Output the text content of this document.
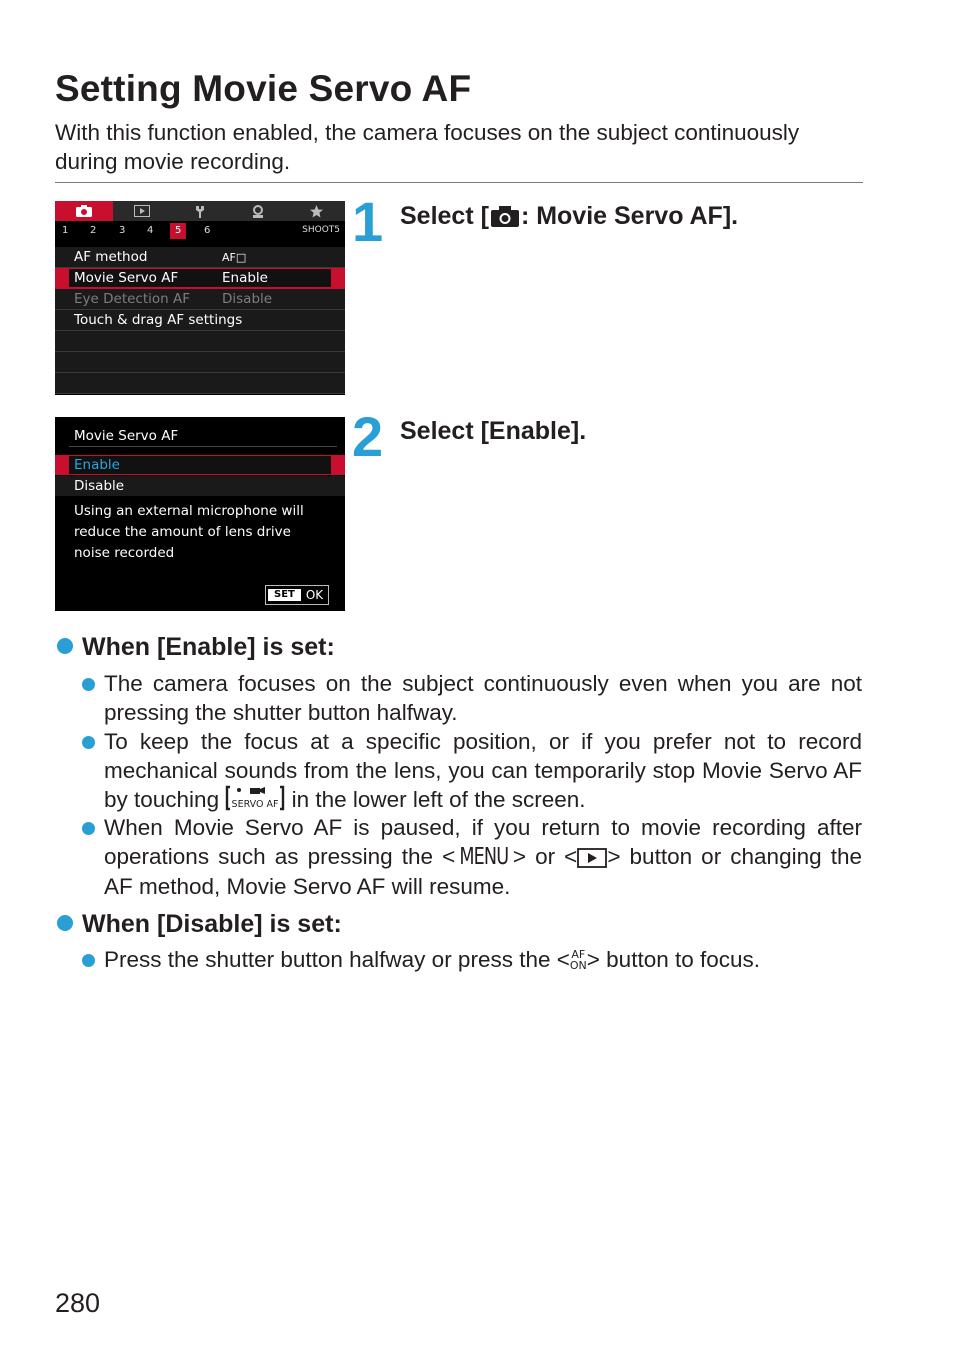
Setting Movie Servo AF

With this function enabled, the camera focuses on the subject continuously during movie recording.

1 2 3 4	5	6	SHOOT5
AF method	AF□
Movie Servo AF	Enable
Eye Detection AF Disable
Touch & drag AF settings
1 Select [ : Movie Servo AF].
Movie Servo AF
Enable
Disable
Using an external microphone will reduce the amount of lens drive noise recorded
SET OK
2 Select [Enable].
When [Enable] is set:

The camera focuses on the subject continuously even when you are not pressing the shutter button halfway.

To keep the focus at a specific position, or if you prefer not to record mechanical sounds from the lens, you can temporarily stop Movie Servo AF by touching SERVO AF in the lower left of the screen.

When Movie Servo AF is paused, if you return to movie recording after operations such as pressing the < MENU > or < > button or changing the AF method, Movie Servo AF will resume.

When [Disable] is set:

Press the shutter button halfway or press the < AF
ON> button to focus.

280
